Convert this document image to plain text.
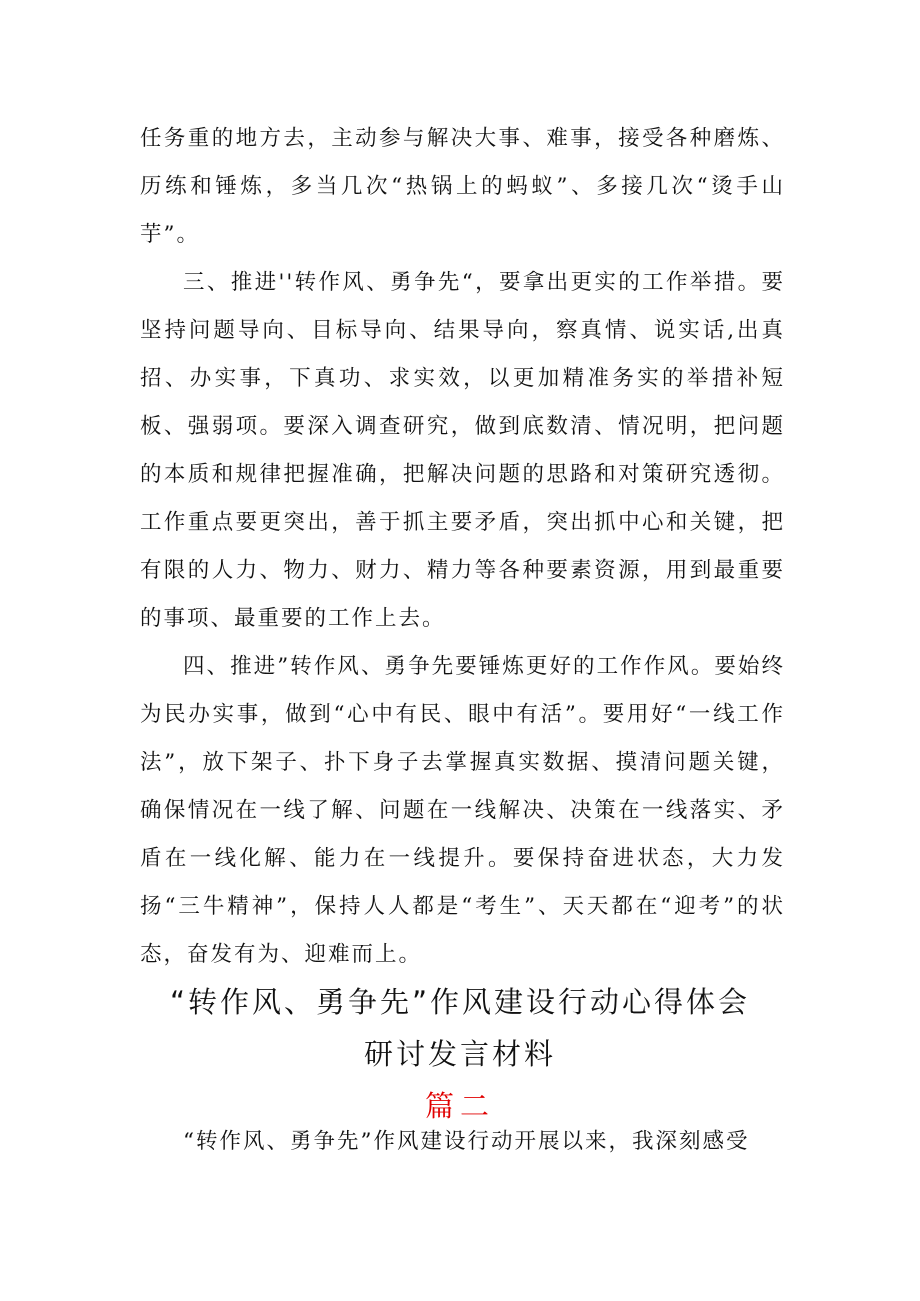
任务重的地方去，主动参与解决大事、难事，接受各种磨炼、历练和锤炼，多当几次“热锅上的蚂蚁”、多接几次“烫手山芋”。

三、推进''转作风、勇争先“，要拿出更实的工作举措。要坚持问题导向、目标导向、结果导向，察真情、说实话,出真招、办实事，下真功、求实效，以更加精准务实的举措补短板、强弱项。要深入调查研究，做到底数清、情况明，把问题的本质和规律把握准确，把解决问题的思路和对策研究透彻。工作重点要更突出，善于抓主要矛盾，突出抓中心和关键，把有限的人力、物力、财力、精力等各种要素资源，用到最重要的事项、最重要的工作上去。

四、推进”转作风、勇争先要锤炼更好的工作作风。要始终为民办实事，做到“心中有民、眼中有活”。要用好“一线工作法”，放下架子、扑下身子去掌握真实数据、摸清问题关键，确保情况在一线了解、问题在一线解决、决策在一线落实、矛盾在一线化解、能力在一线提升。要保持奋进状态，大力发扬“三牛精神”，保持人人都是“考生”、天天都在“迎考”的状态，奋发有为、迎难而上。

“转作风、勇争先”作风建设行动心得体会

研讨发言材料

篇二

“转作风、勇争先”作风建设行动开展以来，我深刻感受
